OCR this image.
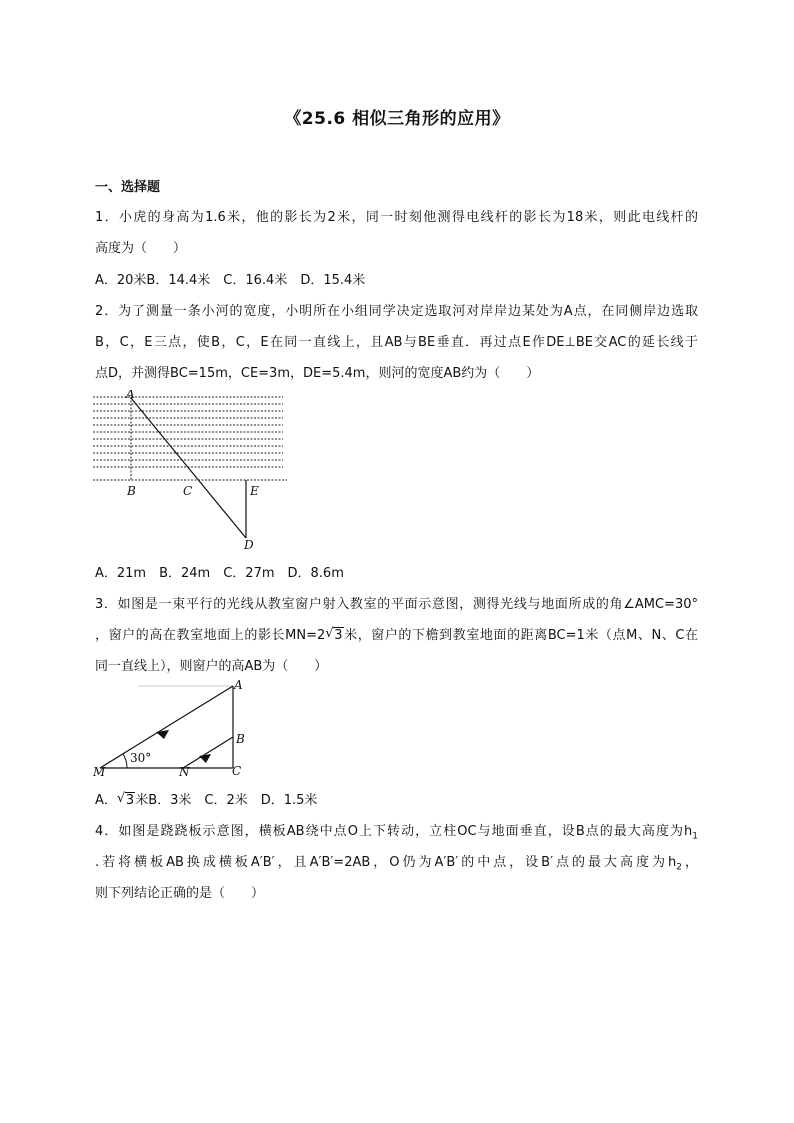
《25.6 相似三角形的应用》
一、选择题
1．小虎的身高为1.6米，他的影长为2米，同一时刻他测得电线杆的影长为18米，则此电线杆的
高度为（　　）
A．20米B．14.4米　C．16.4米　D．15.4米
2．为了测量一条小河的宽度，小明所在小组同学决定选取河对岸岸边某处为A点，在同侧岸边选取
B，C，E三点，使B，C，E在同一直线上，且AB与BE垂直．再过点E作DE⊥BE交AC的延长线于
点D，并测得BC=15m，CE=3m，DE=5.4m，则河的宽度AB约为（　　）
A
B	C	E
D
A．21m　B．24m　C．27m　D．8.6m
3．如图是一束平行的光线从教室窗户射入教室的平面示意图，测得光线与地面所成的角∠AMC=30°
，窗户的高在教室地面上的影长MN=2 √ 3米，窗户的下檐到教室地面的距离BC=1米（点M、N、C在
同一直线上），则窗户的高AB为（　　）
30°
A
B
C
M	N
A． √ 3米B．3米　C．2米　D．1.5米
4．如图是跷跷板示意图，横板AB绕中点O上下转动，立柱OC与地面垂直，设B点的最大高度为$h_1$
.若将横板AB换成横板A′B′，且A′B′=2AB，O仍为A′B′的中点，设B′点的最大高度为$h_2$，
则下列结论正确的是（　　）
